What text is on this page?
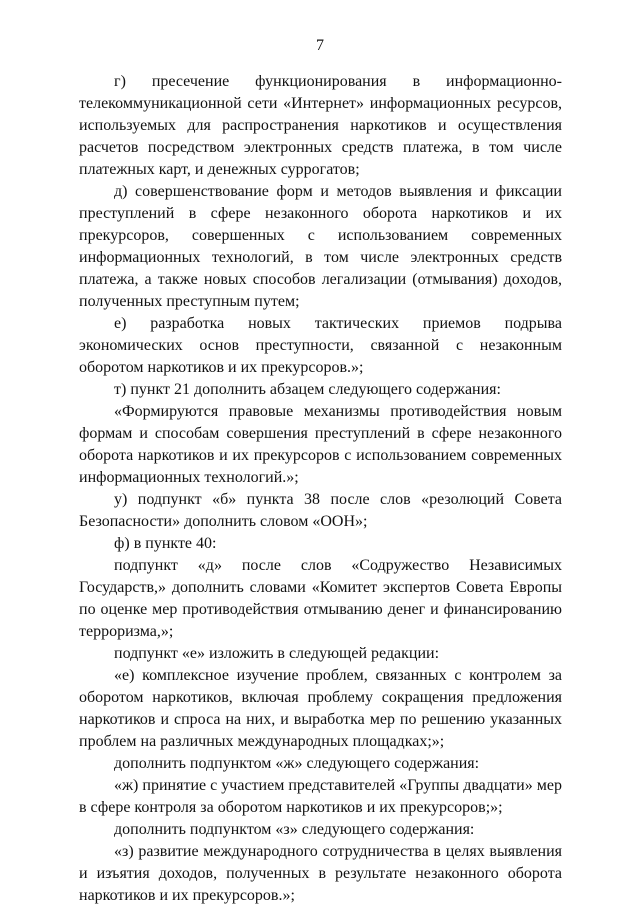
7

г) пресечение функционирования в информационно-телекоммуникационной сети «Интернет» информационных ресурсов, используемых для распространения наркотиков и осуществления расчетов посредством электронных средств платежа, в том числе платежных карт, и денежных суррогатов;

д) совершенствование форм и методов выявления и фиксации преступлений в сфере незаконного оборота наркотиков и их прекурсоров, совершенных с использованием современных информационных технологий, в том числе электронных средств платежа, а также новых способов легализации (отмывания) доходов, полученных преступным путем;

е) разработка новых тактических приемов подрыва экономических основ преступности, связанной с незаконным оборотом наркотиков и их прекурсоров.»;

т) пункт 21 дополнить абзацем следующего содержания:

«Формируются правовые механизмы противодействия новым формам и способам совершения преступлений в сфере незаконного оборота наркотиков и их прекурсоров с использованием современных информационных технологий.»;

у) подпункт «б» пункта 38 после слов «резолюций Совета Безопасности» дополнить словом «ООН»;

ф) в пункте 40:

подпункт «д» после слов «Содружество Независимых Государств,» дополнить словами «Комитет экспертов Совета Европы по оценке мер противодействия отмыванию денег и финансированию терроризма,»;

подпункт «е» изложить в следующей редакции:

«е) комплексное изучение проблем, связанных с контролем за оборотом наркотиков, включая проблему сокращения предложения наркотиков и спроса на них, и выработка мер по решению указанных проблем на различных международных площадках;»;

дополнить подпунктом «ж» следующего содержания:

«ж) принятие с участием представителей «Группы двадцати» мер в сфере контроля за оборотом наркотиков и их прекурсоров;»;

дополнить подпунктом «з» следующего содержания:

«з) развитие международного сотрудничества в целях выявления и изъятия доходов, полученных в результате незаконного оборота наркотиков и их прекурсоров.»;
